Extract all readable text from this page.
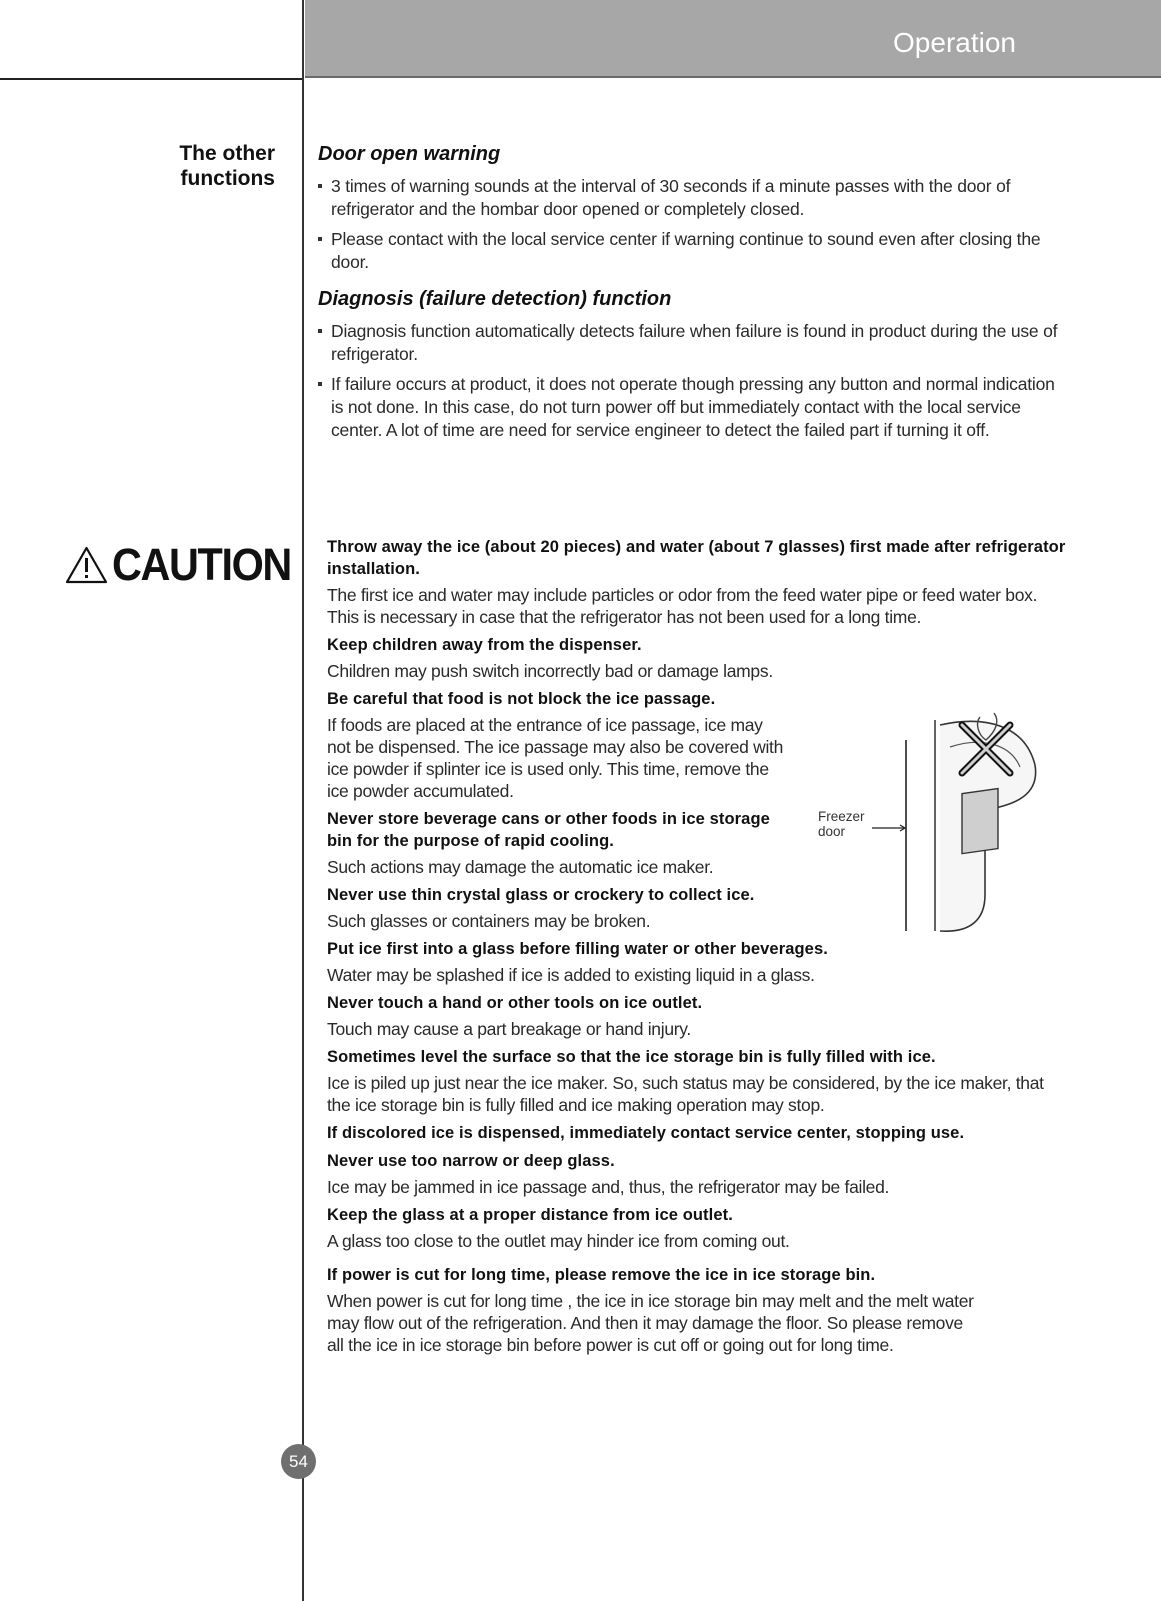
Operation
The other
functions
CAUTION
Door open warning
3 times of warning sounds at the interval of 30 seconds if a minute passes with the door of refrigerator and the hombar door opened or completely closed.
Please contact with the local service center if warning continue to sound even after closing the door.
Diagnosis (failure detection) function
Diagnosis function automatically detects failure when failure is found in product during the use of refrigerator.
If failure occurs at product, it does not operate though pressing any button and normal indication is not done. In this case, do not turn power off but immediately contact with the local service center. A lot of time are need for service engineer to detect the failed part if turning it off.
Throw away the ice (about 20 pieces) and water (about 7 glasses) first made after refrigerator installation.
The first ice and water may include particles or odor from the feed water pipe or feed water box. This is necessary in case that the refrigerator has not been used for a long time.
Keep children away from the dispenser.
Children may push switch incorrectly bad or damage lamps.
Be careful that food is not block the ice passage.
If foods are placed at the entrance of ice passage, ice may not be dispensed. The ice passage may also be covered with ice powder if splinter ice is used only. This time, remove the ice powder accumulated.
Never store beverage cans or other foods in ice storage bin for the purpose of rapid cooling.
Such actions may damage the automatic ice maker.
Never use thin crystal glass or crockery to collect ice.
Such glasses or containers may be broken.
Put ice first into a glass before filling water or other beverages.
Water may be splashed if ice is added to existing liquid in a glass.
Never touch a hand or other tools on ice outlet.
Touch may cause a part breakage or hand injury.
Sometimes level the surface so that the ice storage bin is fully filled with ice.
Ice is piled up just near the ice maker. So, such status may be considered, by the ice maker, that the ice storage bin is fully filled and ice making operation may stop.
If discolored ice is dispensed, immediately contact service center, stopping use.
Never use too narrow or deep glass.
Ice may be jammed in ice passage and, thus, the refrigerator may be failed.
Keep the glass at a proper distance from ice outlet.
A glass too close to the outlet may hinder ice from coming out.
If power is cut for long time, please remove the ice in ice storage bin.
When power is cut for long time , the ice in ice storage bin may melt and the melt water may flow out of the refrigeration. And then it may damage the floor. So please remove all the ice in ice storage bin before power is cut off or going out for long time.
Freezer
door
54
